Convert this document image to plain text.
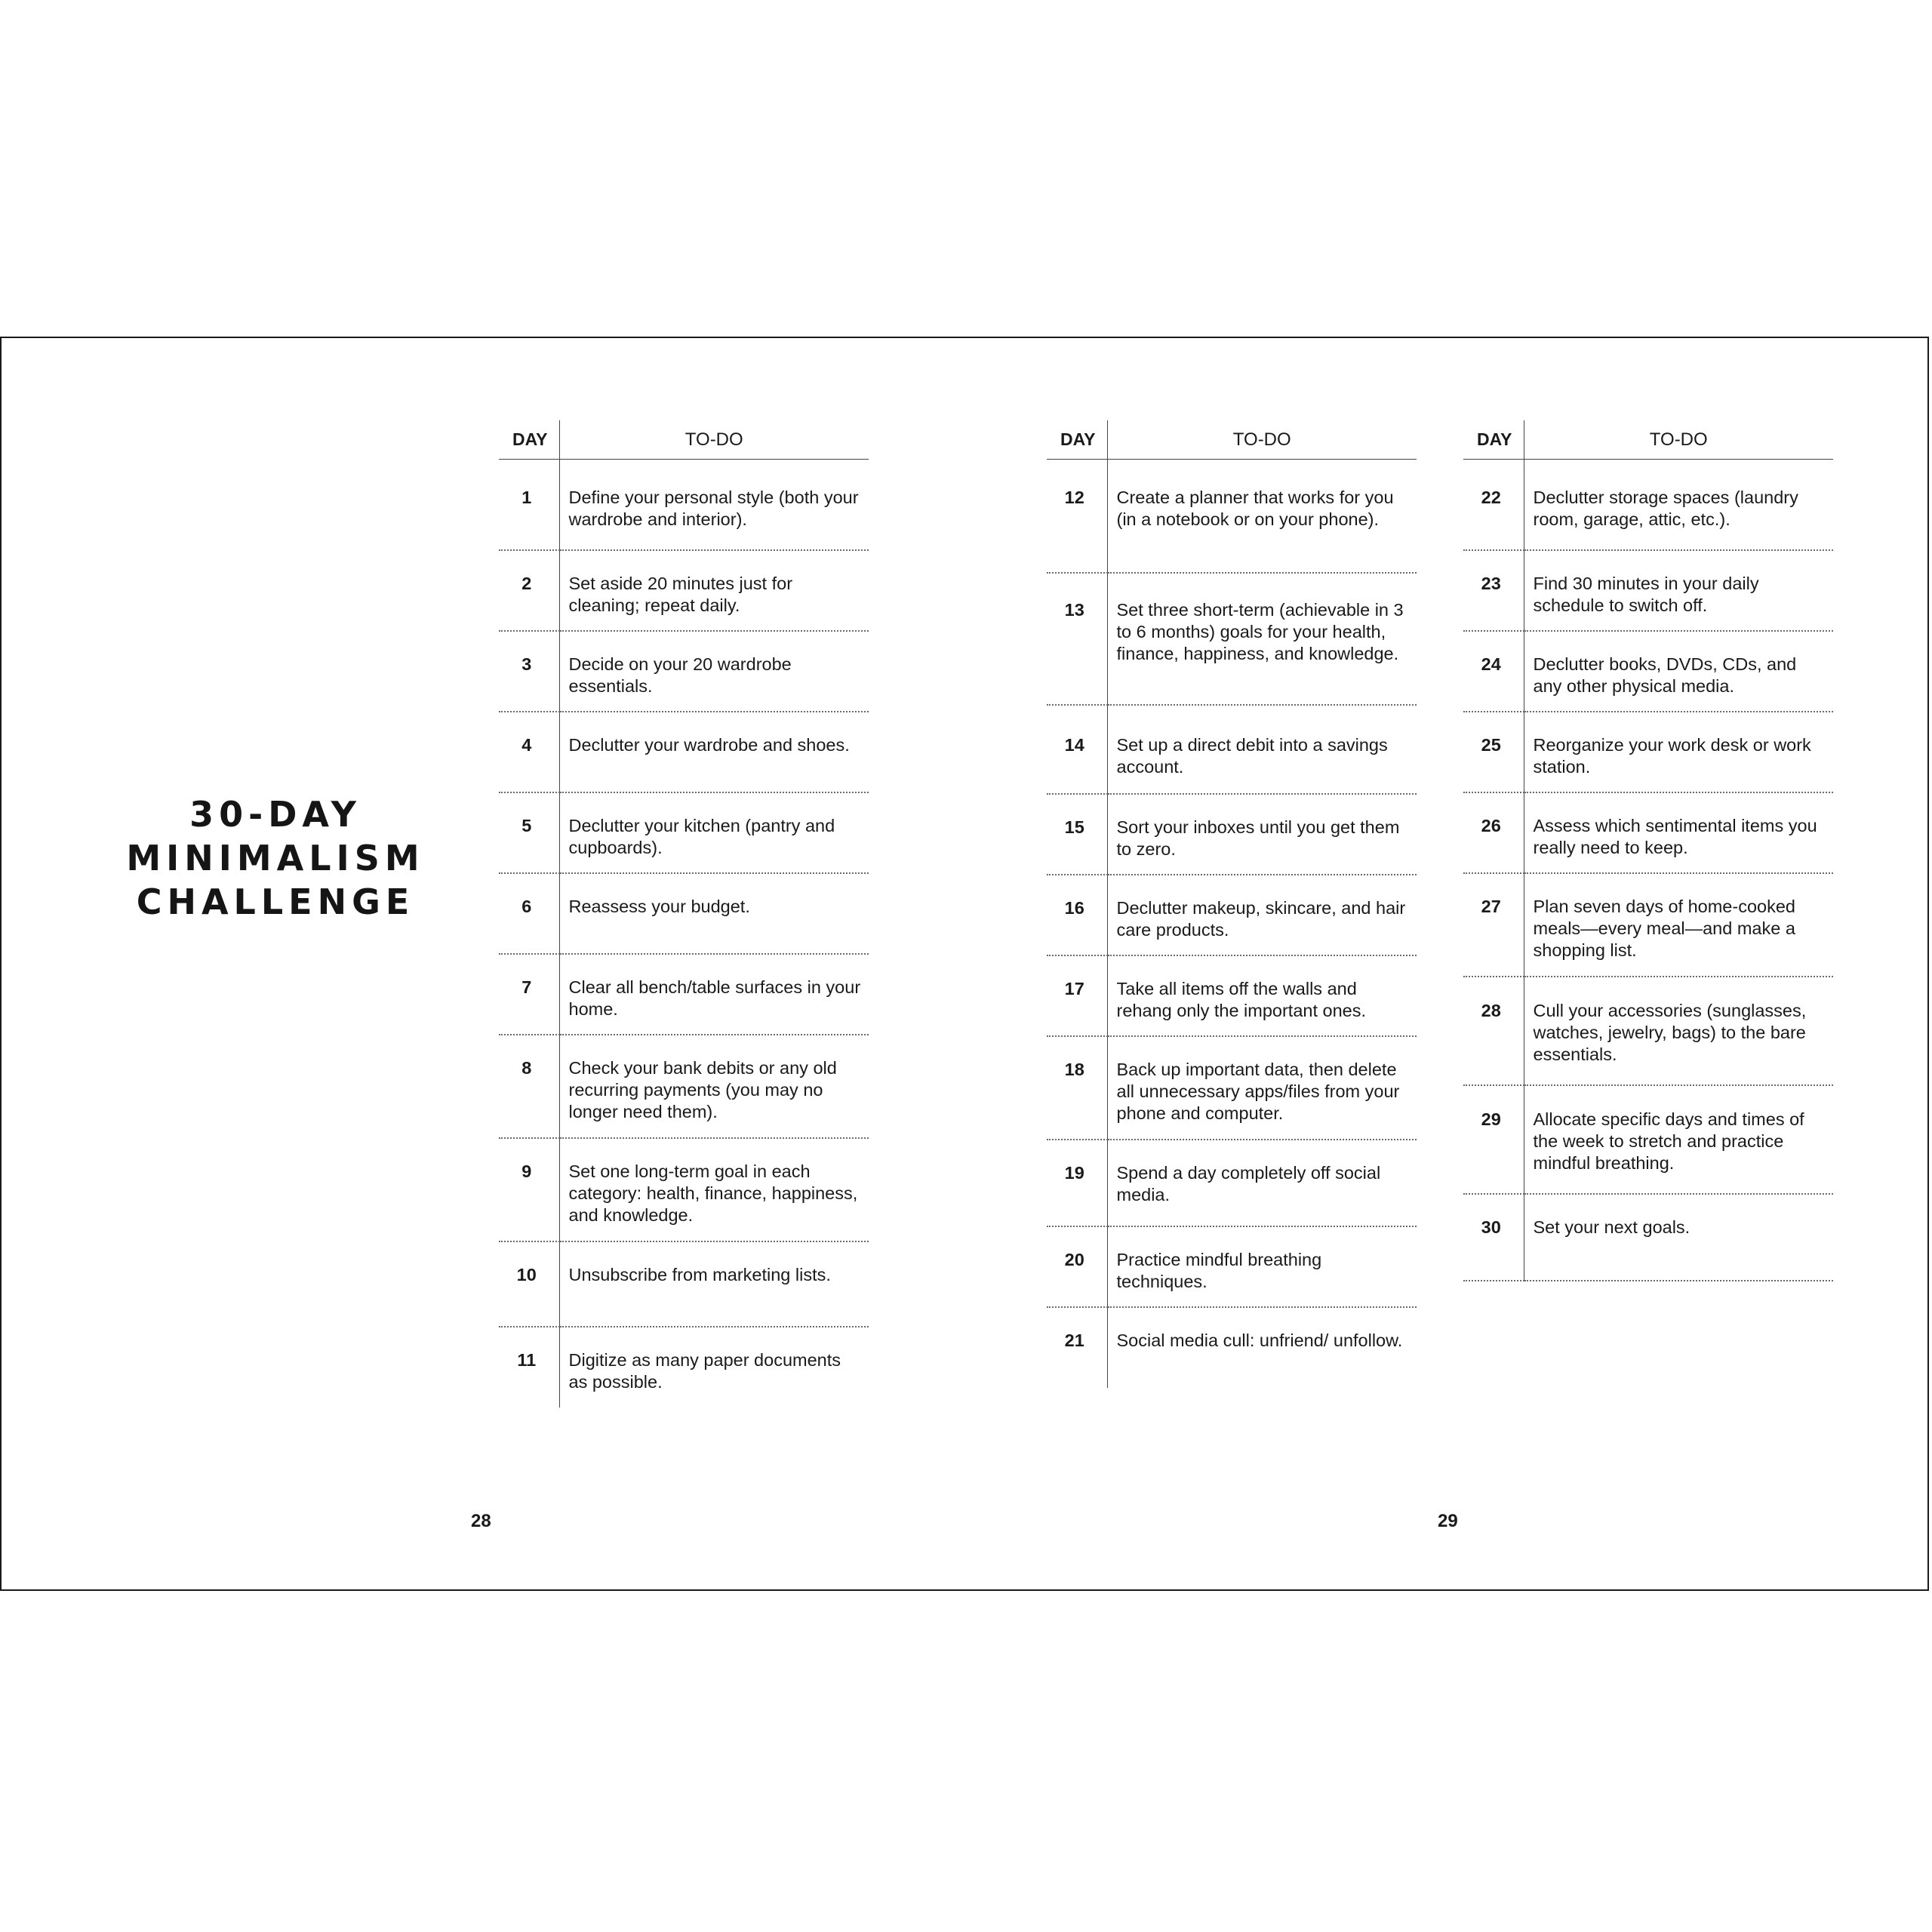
30-DAY
MINIMALISM
CHALLENGE
DAY	TO-DO
1	Define your personal style (both your wardrobe and interior).
2	Set aside 20 minutes just for cleaning; repeat daily.
3	Decide on your 20 wardrobe essentials.
4	Declutter your wardrobe and shoes.
5	Declutter your kitchen (pantry and cupboards).
6	Reassess your budget.
7	Clear all bench/table surfaces in your home.
8	Check your bank debits or any old recurring payments (you may no longer need them).
9	Set one long-term goal in each category: health, finance, happiness, and knowledge.
10	Unsubscribe from marketing lists.
11	Digitize as many paper documents as possible.
DAY	TO-DO
12	Create a planner that works for you (in a notebook or on your phone).
13	Set three short-term (achievable in 3 to 6 months) goals for your health, finance, happiness, and knowledge.
14	Set up a direct debit into a savings account.
15	Sort your inboxes until you get them to zero.
16	Declutter makeup, skincare, and hair care products.
17	Take all items off the walls and rehang only the important ones.
18	Back up important data, then delete all unnecessary apps/files from your phone and computer.
19	Spend a day completely off social media.
20	Practice mindful breathing techniques.
21	Social media cull: unfriend/ unfollow.
DAY	TO-DO
22	Declutter storage spaces (laundry room, garage, attic, etc.).
23	Find 30 minutes in your daily schedule to switch off.
24	Declutter books, DVDs, CDs, and any other physical media.
25	Reorganize your work desk or work station.
26	Assess which sentimental items you really need to keep.
27	Plan seven days of home-cooked meals—every meal—and make a shopping list.
28	Cull your accessories (sunglasses, watches, jewelry, bags) to the bare essentials.
29	Allocate specific days and times of the week to stretch and practice mindful breathing.
30	Set your next goals.
28	29
